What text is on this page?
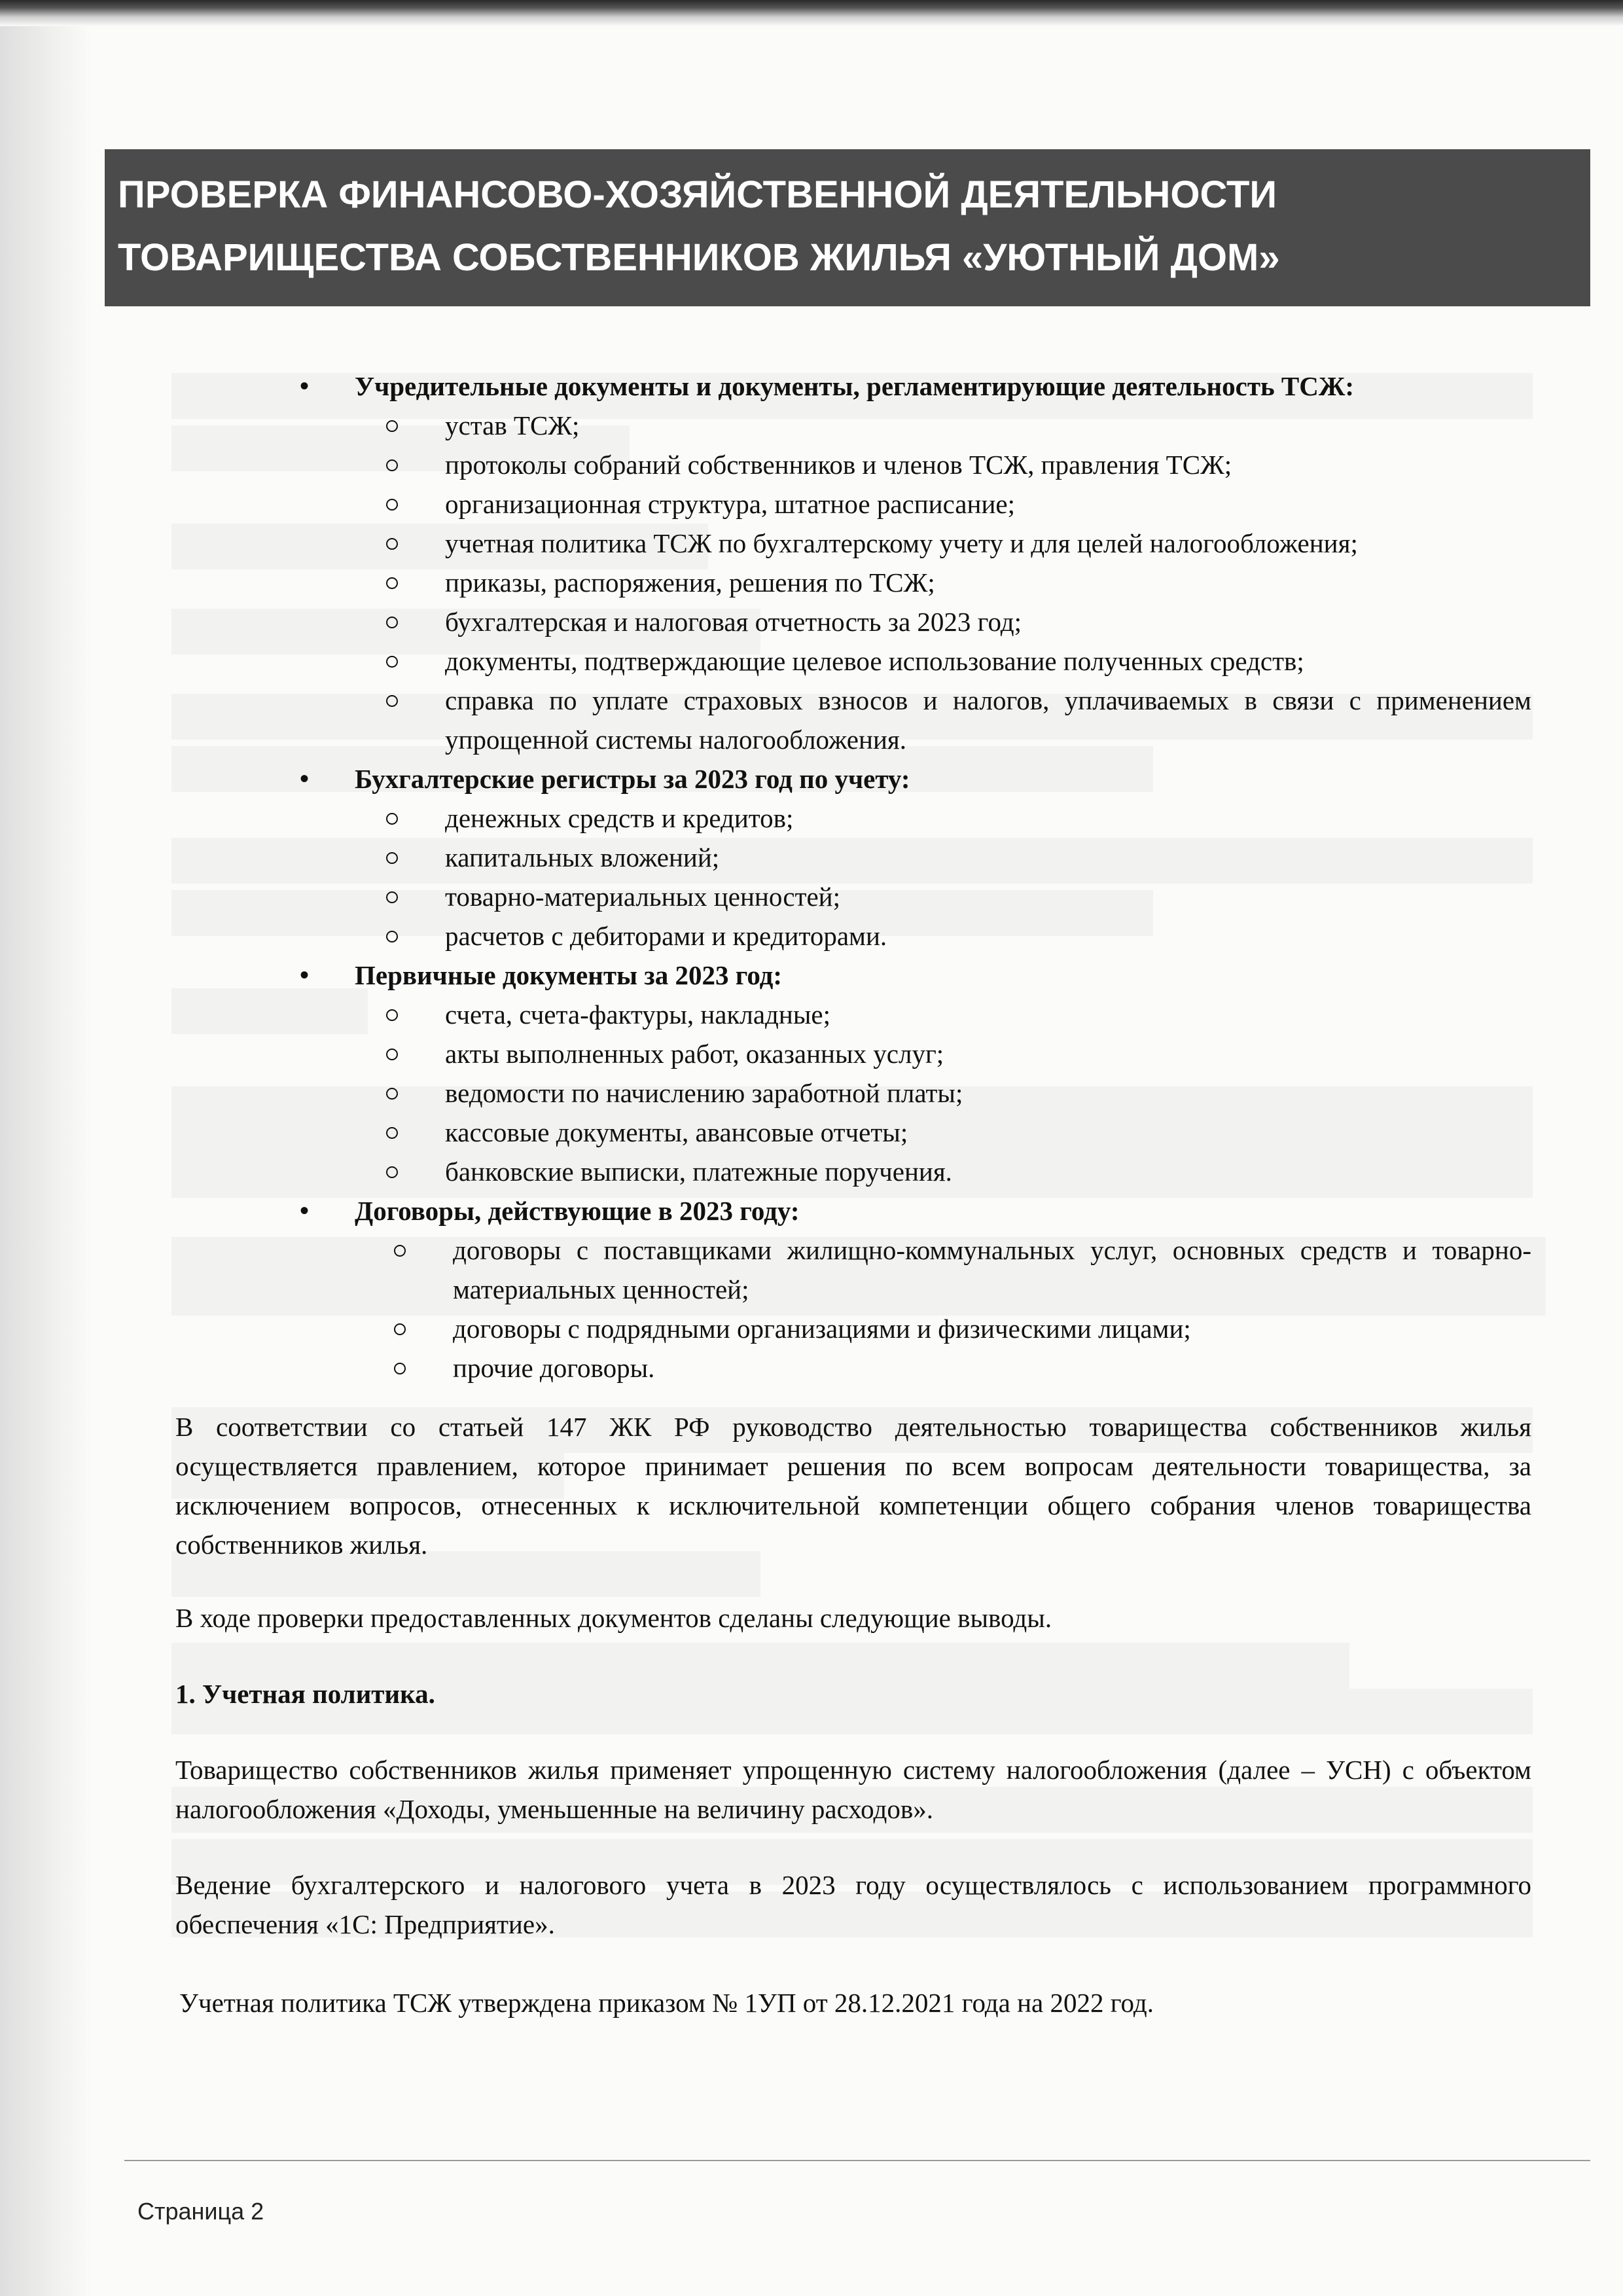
ПРОВЕРКА ФИНАНСОВО-ХОЗЯЙСТВЕННОЙ ДЕЯТЕЛЬНОСТИ
ТОВАРИЩЕСТВА СОБСТВЕННИКОВ ЖИЛЬЯ «УЮТНЫЙ ДОМ»
• Учредительные документы и документы, регламентирующие деятельность ТСЖ:
устав ТСЖ;
протоколы собраний собственников и членов ТСЖ, правления ТСЖ;
организационная структура, штатное расписание;
учетная политика ТСЖ по бухгалтерскому учету и для целей налогообложения;
приказы, распоряжения, решения по ТСЖ;
бухгалтерская и налоговая отчетность за 2023 год;
документы, подтверждающие целевое использование полученных средств;
справка по уплате страховых взносов и налогов, уплачиваемых в связи с применением упрощенной системы налогообложения.
• Бухгалтерские регистры за 2023 год по учету:
денежных средств и кредитов;
капитальных вложений;
товарно-материальных ценностей;
расчетов с дебиторами и кредиторами.
• Первичные документы за 2023 год:
счета, счета-фактуры, накладные;
акты выполненных работ, оказанных услуг;
ведомости по начислению заработной платы;
кассовые документы, авансовые отчеты;
банковские выписки, платежные поручения.
• Договоры, действующие в 2023 году:
договоры с поставщиками жилищно-коммунальных услуг, основных средств и товарно-материальных ценностей;
договоры с подрядными организациями и физическими лицами;
прочие договоры.

В соответствии со статьей 147 ЖК РФ руководство деятельностью товарищества собственников жилья осуществляется правлением, которое принимает решения по всем вопросам деятельности товарищества, за исключением вопросов, отнесенных к исключительной компетенции общего собрания членов товарищества собственников жилья.

В ходе проверки предоставленных документов сделаны следующие выводы.

1. Учетная политика.

Товарищество собственников жилья применяет упрощенную систему налогообложения (далее – УСН) с объектом налогообложения «Доходы, уменьшенные на величину расходов».

Ведение бухгалтерского и налогового учета в 2023 году осуществлялось с использованием программного обеспечения «1С: Предприятие».

Учетная политика ТСЖ утверждена приказом № 1УП от 28.12.2021 года на 2022 год.

Страница 2
